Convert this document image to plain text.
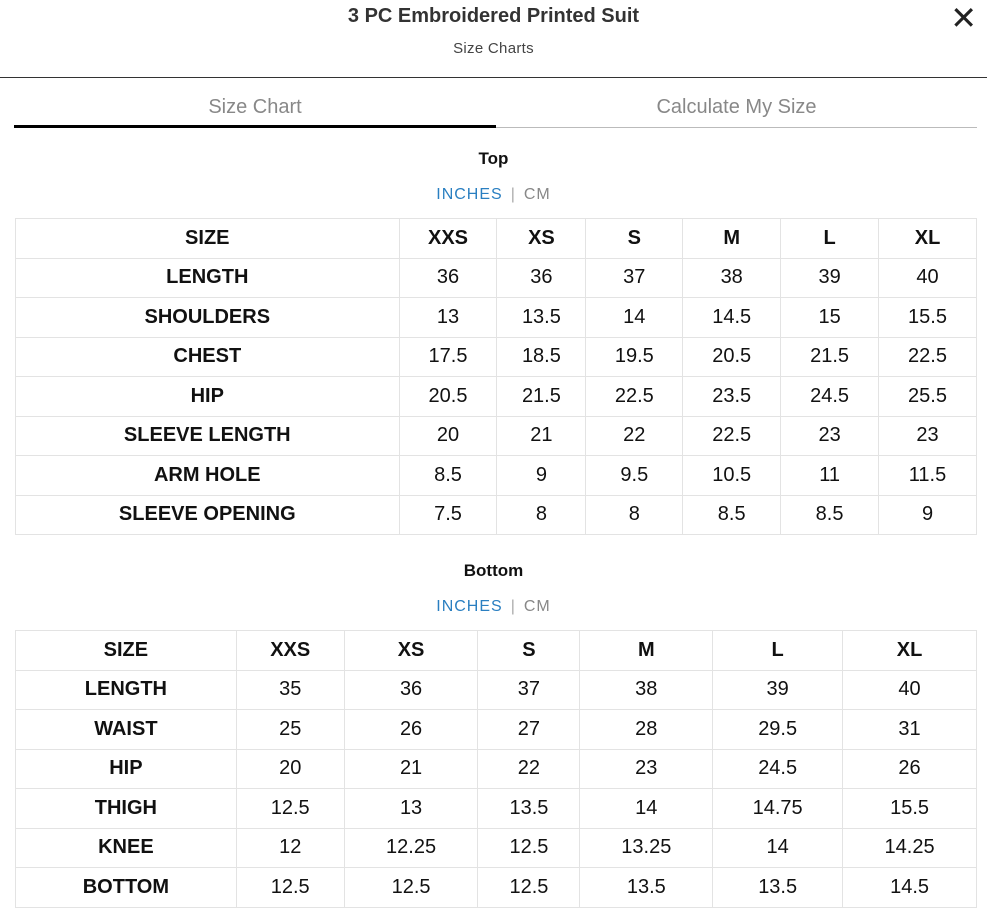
3 PC Embroidered Printed Suit
Size Charts
✕
Size Chart	Calculate My Size
Top
INCHES | CM
SIZE	XXS	XS	S	M	L	XL
LENGTH	36	36	37	38	39	40
SHOULDERS	13	13.5	14	14.5	15	15.5
CHEST	17.5	18.5	19.5	20.5	21.5	22.5
HIP	20.5	21.5	22.5	23.5	24.5	25.5
SLEEVE LENGTH	20	21	22	22.5	23	23
ARM HOLE	8.5	9	9.5	10.5	11	11.5
SLEEVE OPENING	7.5	8	8	8.5	8.5	9
Bottom
INCHES | CM
SIZE	XXS	XS	S	M	L	XL
LENGTH	35	36	37	38	39	40
WAIST	25	26	27	28	29.5	31
HIP	20	21	22	23	24.5	26
THIGH	12.5	13	13.5	14	14.75	15.5
KNEE	12	12.25	12.5	13.25	14	14.25
BOTTOM	12.5	12.5	12.5	13.5	13.5	14.5
